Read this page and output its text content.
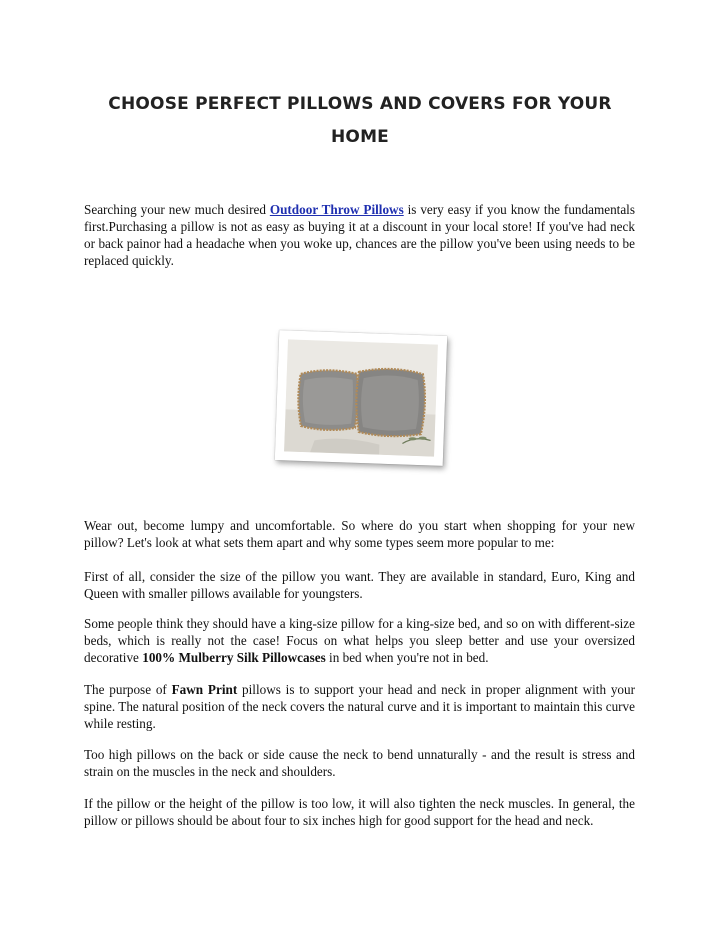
CHOOSE PERFECT PILLOWS AND COVERS FOR YOUR HOME

Searching your new much desired Outdoor Throw Pillows is very easy if you know the fundamentals first.Purchasing a pillow is not as easy as buying it at a discount in your local store! If you've had neck or back painor had a headache when you woke up, chances are the pillow you've been using needs to be replaced quickly.

Wear out, become lumpy and uncomfortable. So where do you start when shopping for your new pillow? Let's look at what sets them apart and why some types seem more popular to me:

First of all, consider the size of the pillow you want. They are available in standard, Euro, King and Queen with smaller pillows available for youngsters.

Some people think they should have a king-size pillow for a king-size bed, and so on with different-size beds, which is really not the case! Focus on what helps you sleep better and use your oversized decorative 100% Mulberry Silk Pillowcases in bed when you're not in bed.

The purpose of Fawn Print pillows is to support your head and neck in proper alignment with your spine. The natural position of the neck covers the natural curve and it is important to maintain this curve while resting.

Too high pillows on the back or side cause the neck to bend unnaturally - and the result is stress and strain on the muscles in the neck and shoulders.

If the pillow or the height of the pillow is too low, it will also tighten the neck muscles. In general, the pillow or pillows should be about four to six inches high for good support for the head and neck.
